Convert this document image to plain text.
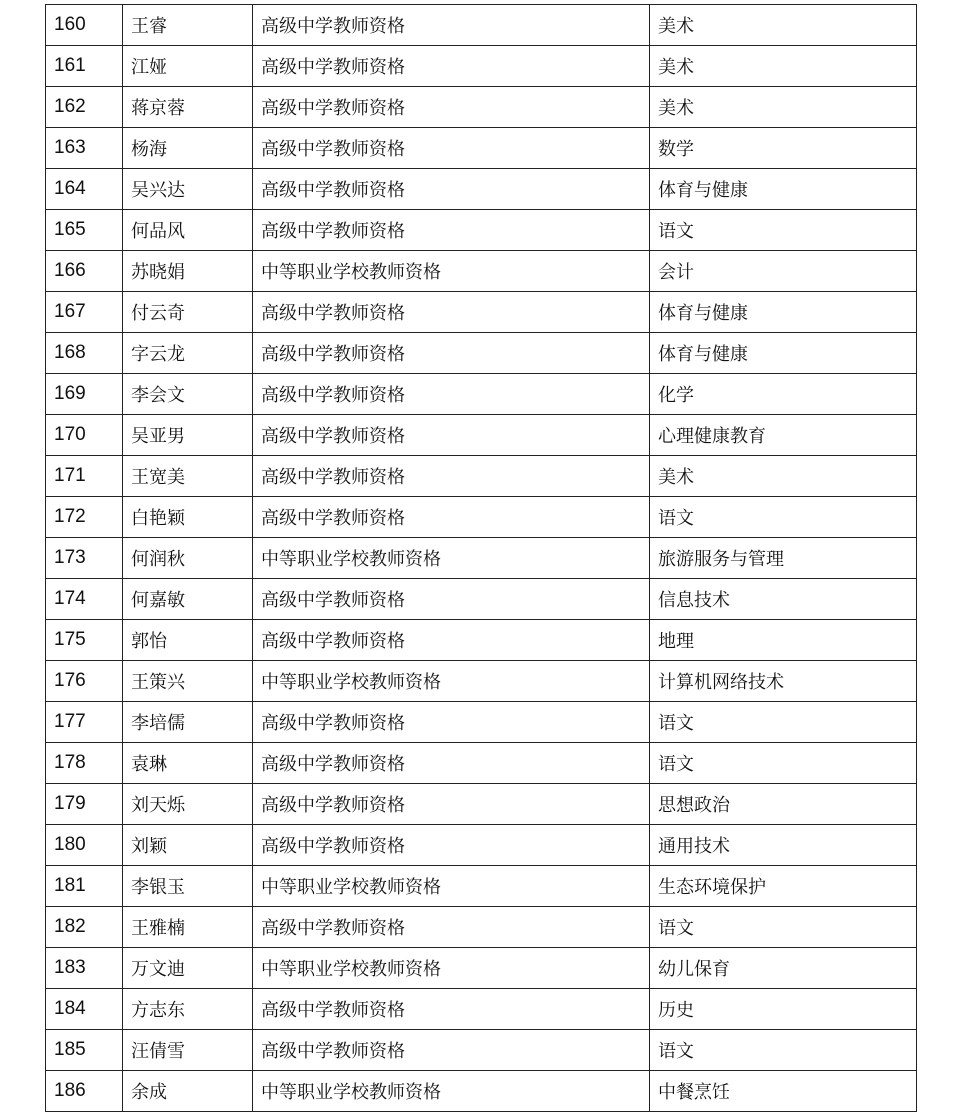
160	王睿	高级中学教师资格	美术
161	江娅	高级中学教师资格	美术
162	蒋京蓉	高级中学教师资格	美术
163	杨海	高级中学教师资格	数学
164	吴兴达	高级中学教师资格	体育与健康
165	何品风	高级中学教师资格	语文
166	苏晓娟	中等职业学校教师资格	会计
167	付云奇	高级中学教师资格	体育与健康
168	字云龙	高级中学教师资格	体育与健康
169	李会文	高级中学教师资格	化学
170	吴亚男	高级中学教师资格	心理健康教育
171	王宽美	高级中学教师资格	美术
172	白艳颖	高级中学教师资格	语文
173	何润秋	中等职业学校教师资格	旅游服务与管理
174	何嘉敏	高级中学教师资格	信息技术
175	郭怡	高级中学教师资格	地理
176	王策兴	中等职业学校教师资格	计算机网络技术
177	李培儒	高级中学教师资格	语文
178	袁琳	高级中学教师资格	语文
179	刘天烁	高级中学教师资格	思想政治
180	刘颖	高级中学教师资格	通用技术
181	李银玉	中等职业学校教师资格	生态环境保护
182	王雅楠	高级中学教师资格	语文
183	万文迪	中等职业学校教师资格	幼儿保育
184	方志东	高级中学教师资格	历史
185	汪倩雪	高级中学教师资格	语文
186	余成	中等职业学校教师资格	中餐烹饪
